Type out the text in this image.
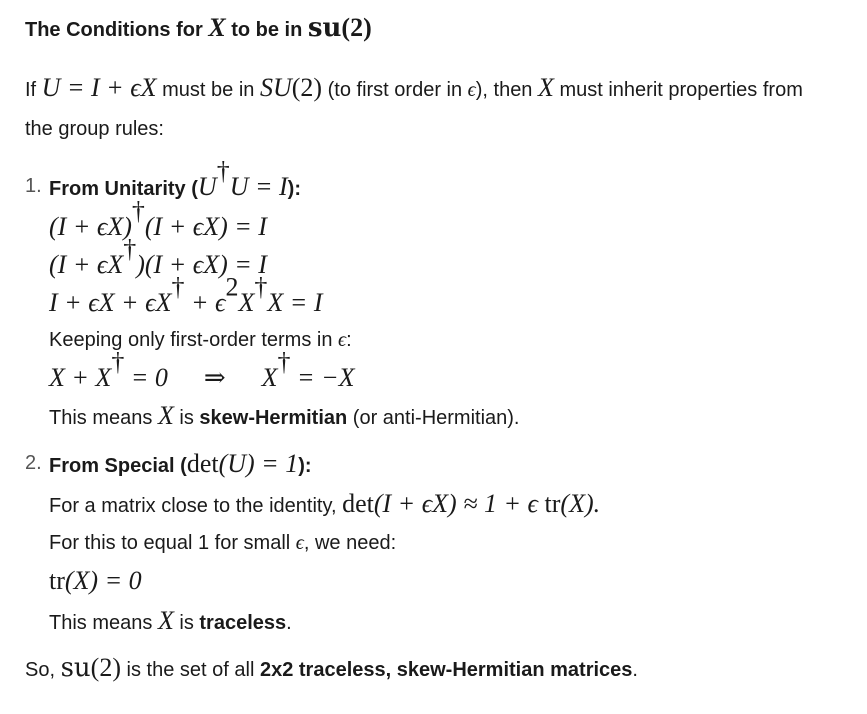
The Conditions for X to be in su(2)

If U = I + ϵX must be in SU(2) (to first order in ϵ), then X must inherit properties from the group rules:

1. From Unitarity (U†U = I):
(I + ϵX)†(I + ϵX) = I
(I + ϵX†)(I + ϵX) = I
$I + \epsilon X + \epsilon X^\dagger + \epsilon^2X^\dagger X = I$
Keeping only first-order terms in ϵ:
X + X† = 0 ⇒ X† = −X
This means X is skew-Hermitian (or anti-Hermitian).
2. From Special (det(U) = 1):
For a matrix close to the identity, det(I + ϵX) ≈ 1 + ϵ tr(X).
For this to equal 1 for small ϵ, we need:
tr(X) = 0
This means X is traceless.

So, su(2) is the set of all 2x2 traceless, skew-Hermitian matrices.
